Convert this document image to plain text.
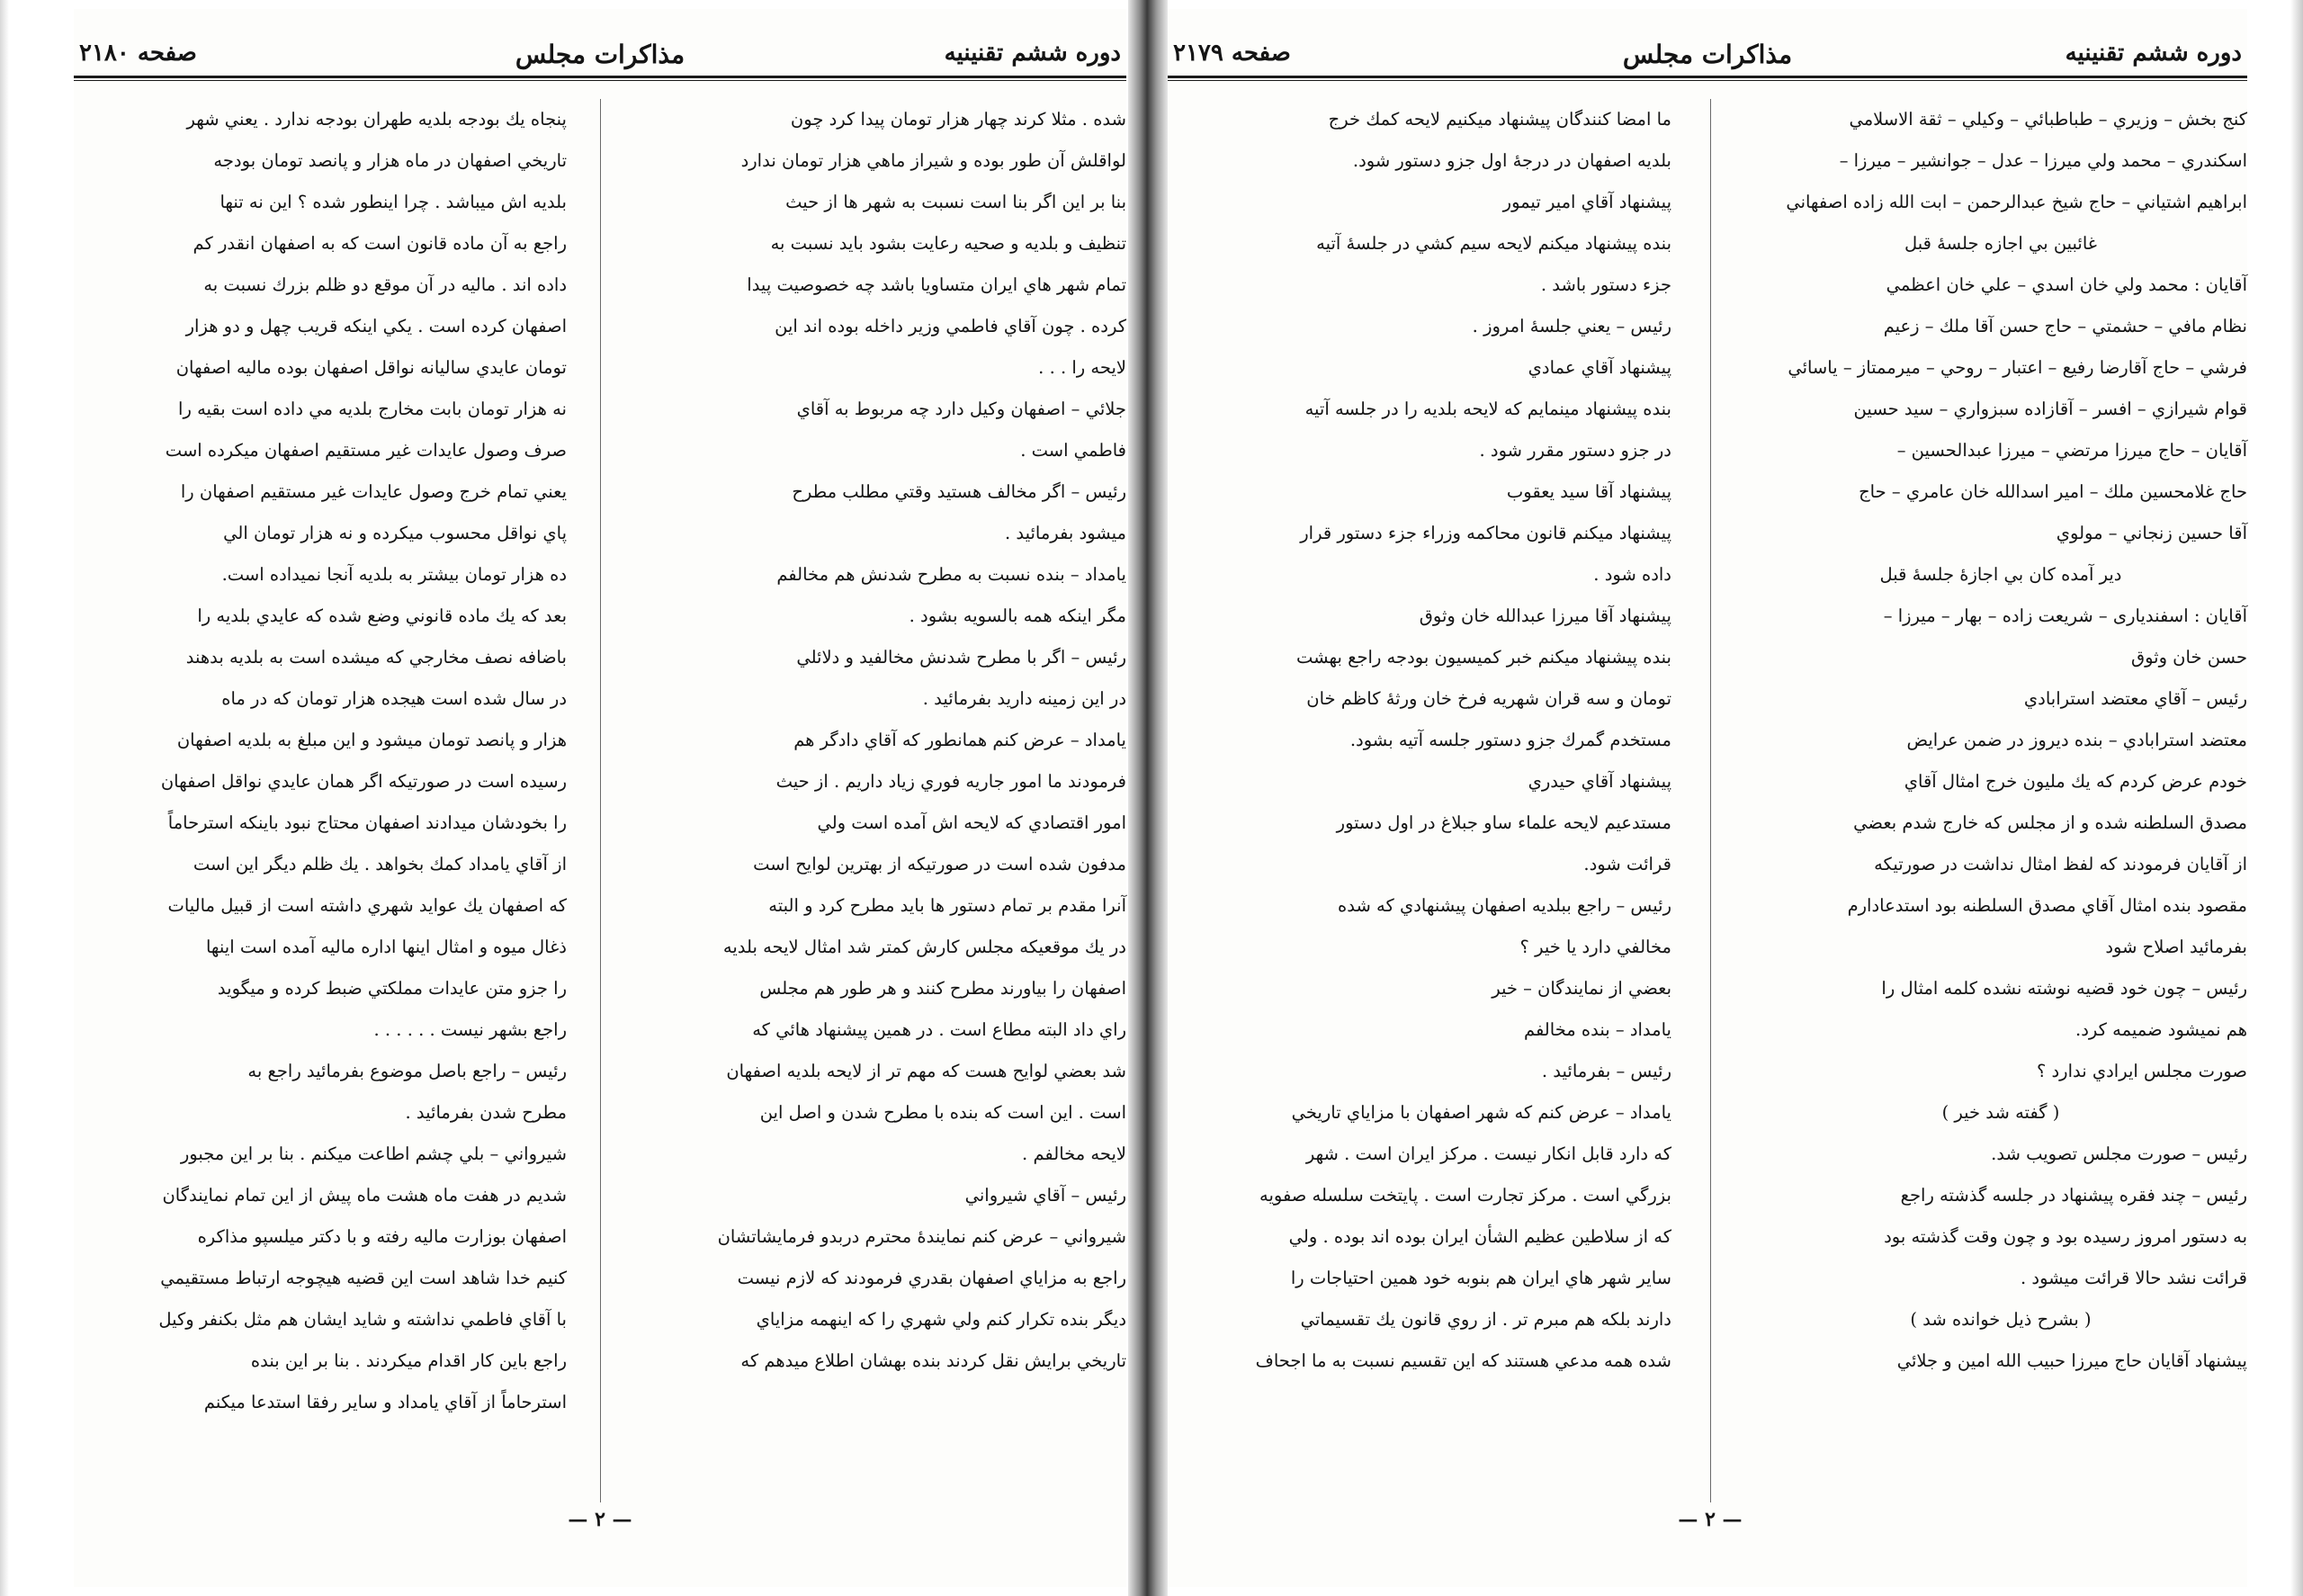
دوره ششم تقنينيه
مذاكرات مجلس
صفحه ۲۱۸۰

شده . مثلا كرند چهار هزار تومان پيدا كرد چون

لواقلش آن طور بوده و شيراز ماهي هزار تومان ندارد

بنا بر اين اگر بنا است نسبت به شهر ها از حيث

تنظيف و بلديه و صحيه رعايت بشود بايد نسبت به

تمام شهر هاي ايران متساويا باشد چه خصوصيت پيدا

كرده . چون آقاي فاطمي وزير داخله بوده اند اين

لايحه را . . .

جلائي – اصفهان وكيل دارد چه مربوط به آقاي

فاطمي است .

رئيس – اگر مخالف هستيد وقتي مطلب مطرح

ميشود بفرمائيد .

يامداد – بنده نسبت به مطرح شدنش هم مخالفم

مگر اينكه همه بالسويه بشود .

رئيس – اگر با مطرح شدنش مخالفيد و دلائلي

در اين زمينه داريد بفرمائيد .

يامداد – عرض كنم همانطور كه آقاي دادگر هم

فرمودند ما امور جاريه فوري زياد داريم . از حيث

امور اقتصادي كه لايحه اش آمده است ولي

مدفون شده است در صورتيكه از بهترين لوايح است

آنرا مقدم بر تمام دستور ها بايد مطرح كرد و البته

در يك موقعيكه مجلس كارش كمتر شد امثال لايحه بلديه

اصفهان را بياورند مطرح كنند و هر طور هم مجلس

راي داد البته مطاع است . در همين پيشنهاد هائي كه

شد بعضي لوايح هست كه مهم تر از لايحه بلديه اصفهان

است . اين است كه بنده با مطرح شدن و اصل اين

لايحه مخالفم .

رئيس – آقاي شيرواني

شيرواني – عرض كنم نمايندهٔ محترم دربدو فرمايشاتشان

راجع به مزاياي اصفهان بقدري فرمودند كه لازم نيست

ديگر بنده تكرار كنم ولي شهري را كه اينهمه مزاياي

تاريخي برايش نقل كردند بنده بهشان اطلاع ميدهم كه

پنجاه يك بودجه بلديه طهران بودجه ندارد . يعني شهر

تاريخي اصفهان در ماه هزار و پانصد تومان بودجه

بلديه اش ميباشد . چرا اينطور شده ؟ اين نه تنها

راجع به آن ماده قانون است كه به اصفهان انقدر كم

داده اند . ماليه در آن موقع دو ظلم بزرك نسبت به

اصفهان كرده است . يكي اينكه قريب چهل و دو هزار

تومان عايدي ساليانه نواقل اصفهان بوده ماليه اصفهان

نه هزار تومان بابت مخارج بلديه مي داده است بقيه را

صرف وصول عايدات غير مستقيم اصفهان ميكرده است

يعني تمام خرج وصول عايدات غير مستقيم اصفهان را

پاي نواقل محسوب ميكرده و نه هزار تومان الي

ده هزار تومان بيشتر به بلديه آنجا نميداده است.

بعد كه يك ماده قانوني وضع شده كه عايدي بلديه را

باضافه نصف مخارجي كه ميشده است به بلديه بدهند

در سال شده است هيجده هزار تومان كه در ماه

هزار و پانصد تومان ميشود و اين مبلغ به بلديه اصفهان

رسيده است در صورتيكه اگر همان عايدي نواقل اصفهان

را بخودشان ميدادند اصفهان محتاج نبود باينكه استرحاماً

از آقاي يامداد كمك بخواهد . يك ظلم ديگر اين است

كه اصفهان يك عوايد شهري داشته است از قبيل ماليات

ذغال ميوه و امثال اينها اداره ماليه آمده است اينها

را جزو متن عايدات مملكتي ضبط كرده و ميگويد

راجع بشهر نيست . . . . . .

رئيس – راجع باصل موضوع بفرمائيد راجع به

مطرح شدن بفرمائيد .

شيرواني – بلي چشم اطاعت ميكنم . بنا بر اين مجبور

شديم در هفت ماه هشت ماه پيش از اين تمام نمايندگان

اصفهان بوزارت ماليه رفته و با دكتر ميلسپو مذاكره

كنيم خدا شاهد است اين قضيه هيچوجه ارتباط مستقيمي

با آقاي فاطمي نداشته و شايد ايشان هم مثل بكنفر وكيل

راجع باين كار اقدام ميكردند . بنا بر اين بنده

استرحاماً از آقاي يامداد و ساير رفقا استدعا ميكنم

— ۲ —
دوره ششم تقنينيه
مذاكرات مجلس
صفحه ۲۱۷۹

كنج بخش – وزيري – طباطبائي – وكيلي – ثقة الاسلامي

اسكندري – محمد ولي ميرزا – عدل – جوانشير – ميرزا –

ابراهيم اشتياني – حاج شيخ عبدالرحمن – ابت الله زاده اصفهاني

غائبين بي اجازه جلسهٔ قبل

آقايان : محمد ولي خان اسدي – علي خان اعظمي

نظام مافي – حشمتي – حاج حسن آقا ملك – زعيم

فرشي – حاج آقارضا رفيع – اعتبار – روحي – ميرممتاز – ياسائي

قوام شيرازي – افسر – آقازاده سبزواري – سيد حسين

آقايان – حاج ميرزا مرتضي – ميرزا عبدالحسين –

حاج غلامحسين ملك – امير اسدالله خان عامري – حاج

آقا حسين زنجاني – مولوي

دير آمده كان بي اجازهٔ جلسهٔ قبل

آقايان : اسفنديارى – شريعت زاده – بهار – ميرزا –

حسن خان وثوق

رئيس – آقاي معتضد استرابادي

معتضد استرابادي – بنده ديروز در ضمن عرايض

خودم عرض كردم كه يك مليون خرج امثال آقاي

مصدق السلطنه شده و از مجلس كه خارج شدم بعضي

از آقايان فرمودند كه لفظ امثال نداشت در صورتيكه

مقصود بنده امثال آقاي مصدق السلطنه بود استدعادارم

بفرمائيد اصلاح شود

رئيس – چون خود قضيه نوشته نشده كلمه امثال را

هم نميشود ضميمه كرد.

صورت مجلس ايرادي ندارد ؟

( گفته شد خير )

رئيس – صورت مجلس تصويب شد.

رئيس – چند فقره پيشنهاد در جلسه گذشته راجع

به دستور امروز رسيده بود و چون وقت گذشته بود

قرائت نشد حالا قرائت ميشود .

( بشرح ذيل خوانده شد )

پيشنهاد آقايان حاج ميرزا حبيب الله امين و جلائي

ما امضا كنندگان پيشنهاد ميكنيم لايحه كمك خرج

بلديه اصفهان در درجهٔ اول جزو دستور شود.

پيشنهاد آقاي امير تيمور

بنده پيشنهاد ميكنم لايحه سيم كشي در جلسهٔ آتيه

جزء دستور باشد .

رئيس – يعني جلسهٔ امروز .

پيشنهاد آقاي عمادي

بنده پيشنهاد مينمايم كه لايحه بلديه را در جلسه آتيه

در جزو دستور مقرر شود .

پيشنهاد آقا سيد يعقوب

پيشنهاد ميكنم قانون محاكمه وزراء جزء دستور قرار

داده شود .

پيشنهاد آقا ميرزا عبدالله خان وثوق

بنده پيشنهاد ميكنم خبر كميسيون بودجه راجع بهشت

تومان و سه قران شهريه فرخ خان ورثهٔ كاظم خان

مستخدم گمرك جزو دستور جلسه آتيه بشود.

پيشنهاد آقاي حيدري

مستدعيم لايحه علماء ساو جبلاغ در اول دستور

قرائت شود.

رئيس – راجع ببلديه اصفهان پيشنهادي كه شده

مخالفي دارد يا خير ؟

بعضي از نمايندگان – خير

يامداد – بنده مخالفم

رئيس – بفرمائيد .

يامداد – عرض كنم كه شهر اصفهان با مزاياي تاريخي

كه دارد قابل انكار نيست . مركز ايران است . شهر

بزرگي است . مركز تجارت است . پايتخت سلسله صفويه

كه از سلاطين عظيم الشأن ايران بوده اند بوده . ولي

ساير شهر هاي ايران هم بنوبه خود همين احتياجات را

دارند بلكه هم مبرم تر . از روي قانون يك تقسيماتي

شده همه مدعي هستند كه اين تقسيم نسبت به ما اجحاف

— ۲ —
